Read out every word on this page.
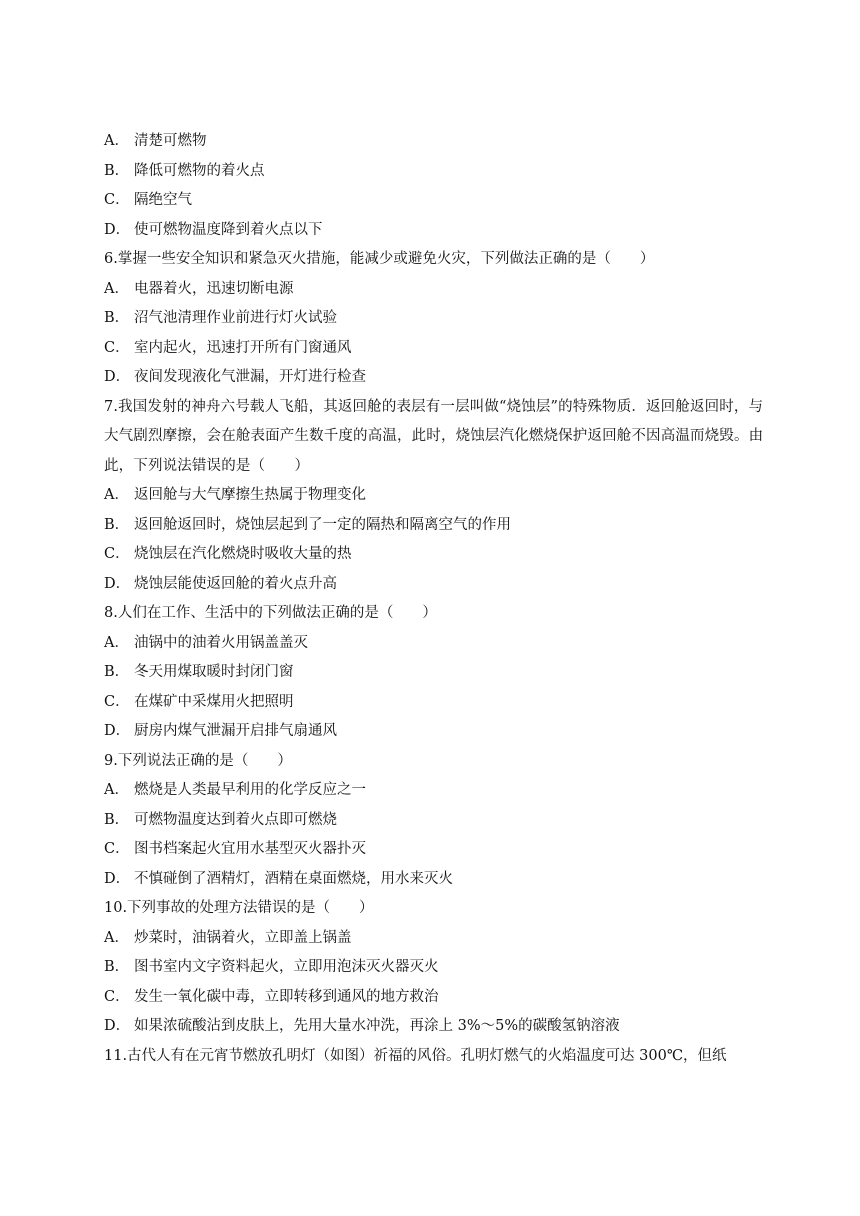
A． 清楚可燃物
B． 降低可燃物的着火点
C． 隔绝空气
D． 使可燃物温度降到着火点以下
6.掌握一些安全知识和紧急灭火措施，能减少或避免火灾，下列做法正确的是（　　）
A． 电器着火，迅速切断电源
B． 沼气池清理作业前进行灯火试验
C． 室内起火，迅速打开所有门窗通风
D． 夜间发现液化气泄漏，开灯进行检查
7.我国发射的神舟六号载人飞船，其返回舱的表层有一层叫做“烧蚀层”的特殊物质．返回舱返回时，与大气剧烈摩擦，会在舱表面产生数千度的高温，此时，烧蚀层汽化燃烧保护返回舱不因高温而烧毁。由此，下列说法错误的是（　　）
A． 返回舱与大气摩擦生热属于物理变化
B． 返回舱返回时，烧蚀层起到了一定的隔热和隔离空气的作用
C． 烧蚀层在汽化燃烧时吸收大量的热
D． 烧蚀层能使返回舱的着火点升高
8.人们在工作、生活中的下列做法正确的是（　　）
A． 油锅中的油着火用锅盖盖灭
B． 冬天用煤取暖时封闭门窗
C． 在煤矿中采煤用火把照明
D． 厨房内煤气泄漏开启排气扇通风
9.下列说法正确的是（　　）
A． 燃烧是人类最早利用的化学反应之一
B． 可燃物温度达到着火点即可燃烧
C． 图书档案起火宜用水基型灭火器扑灭
D． 不慎碰倒了酒精灯，酒精在桌面燃烧，用水来灭火
10.下列事故的处理方法错误的是（　　）
A． 炒菜时，油锅着火，立即盖上锅盖
B． 图书室内文字资料起火，立即用泡沫灭火器灭火
C． 发生一氧化碳中毒，立即转移到通风的地方救治
D． 如果浓硫酸沾到皮肤上，先用大量水冲洗，再涂上 3%～5%的碳酸氢钠溶液
11.古代人有在元宵节燃放孔明灯（如图）祈福的风俗。孔明灯燃气的火焰温度可达 300℃，但纸
